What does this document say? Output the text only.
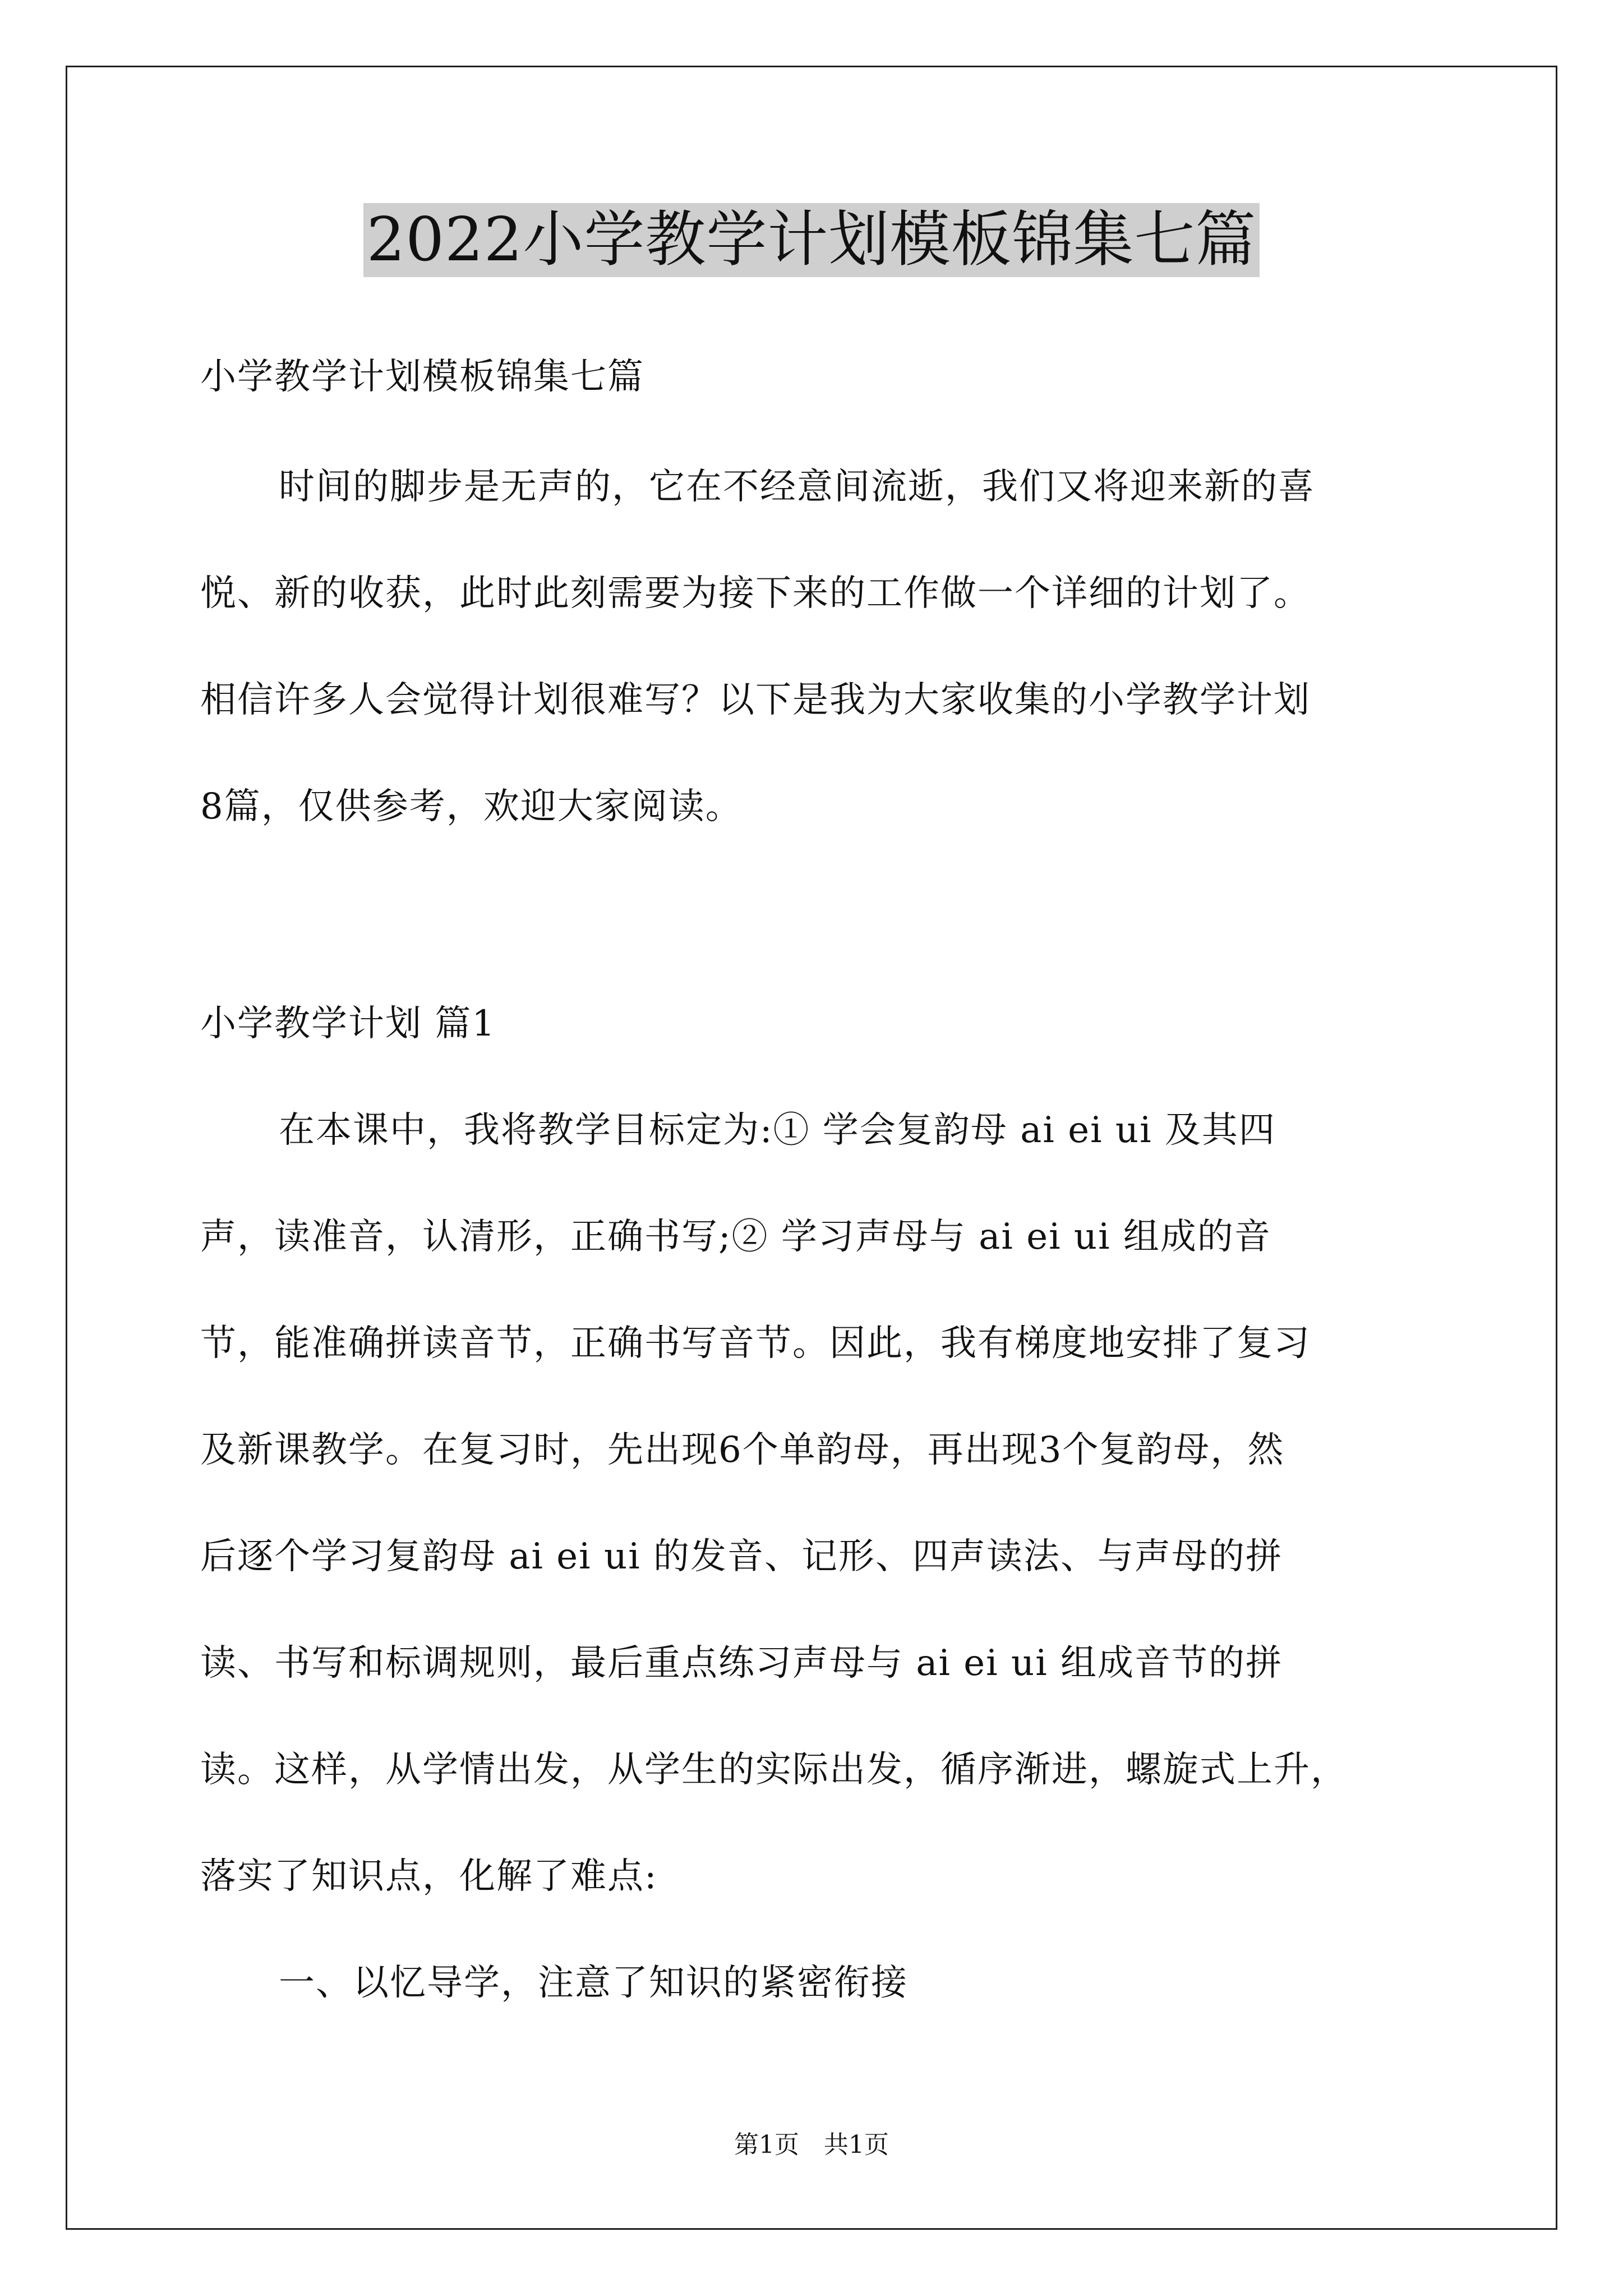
2022小学教学计划模板锦集七篇
小学教学计划模板锦集七篇
时间的脚步是无声的，它在不经意间流逝，我们又将迎来新的喜
悦、新的收获，此时此刻需要为接下来的工作做一个详细的计划了。
相信许多人会觉得计划很难写？以下是我为大家收集的小学教学计划
8篇，仅供参考，欢迎大家阅读。
小学教学计划 篇1
在本课中，我将教学目标定为:① 学会复韵母 ai ei ui 及其四
声，读准音，认清形，正确书写;② 学习声母与 ai ei ui 组成的音
节，能准确拼读音节，正确书写音节。因此，我有梯度地安排了复习
及新课教学。在复习时，先出现6个单韵母，再出现3个复韵母，然
后逐个学习复韵母 ai ei ui 的发音、记形、四声读法、与声母的拼
读、书写和标调规则，最后重点练习声母与 ai ei ui 组成音节的拼
读。这样，从学情出发，从学生的实际出发，循序渐进，螺旋式上升，
落实了知识点，化解了难点:
一、以忆导学，注意了知识的紧密衔接
第1页　共1页
